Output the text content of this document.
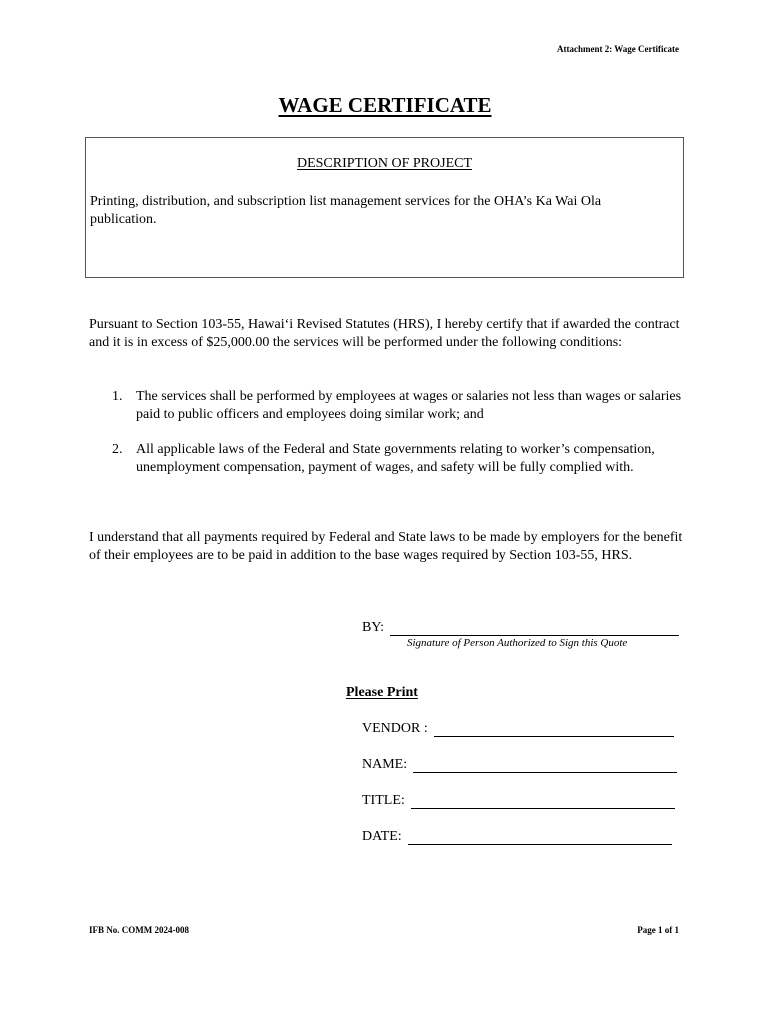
Attachment 2: Wage Certificate
WAGE CERTIFICATE
DESCRIPTION OF PROJECT
Printing, distribution, and subscription list management services for the OHA’s Ka Wai Ola publication.
Pursuant to Section 103-55, Hawai‘i Revised Statutes (HRS), I hereby certify that if awarded the contract and it is in excess of $25,000.00 the services will be performed under the following conditions:
1. The services shall be performed by employees at wages or salaries not less than wages or salaries paid to public officers and employees doing similar work; and
2. All applicable laws of the Federal and State governments relating to worker’s compensation, unemployment compensation, payment of wages, and safety will be fully complied with.
I understand that all payments required by Federal and State laws to be made by employers for the benefit of their employees are to be paid in addition to the base wages required by Section 103-55, HRS.
BY:
Signature of Person Authorized to Sign this Quote
Please Print
VENDOR :
NAME:
TITLE:
DATE:
IFB No. COMM 2024-008	Page 1 of 1
